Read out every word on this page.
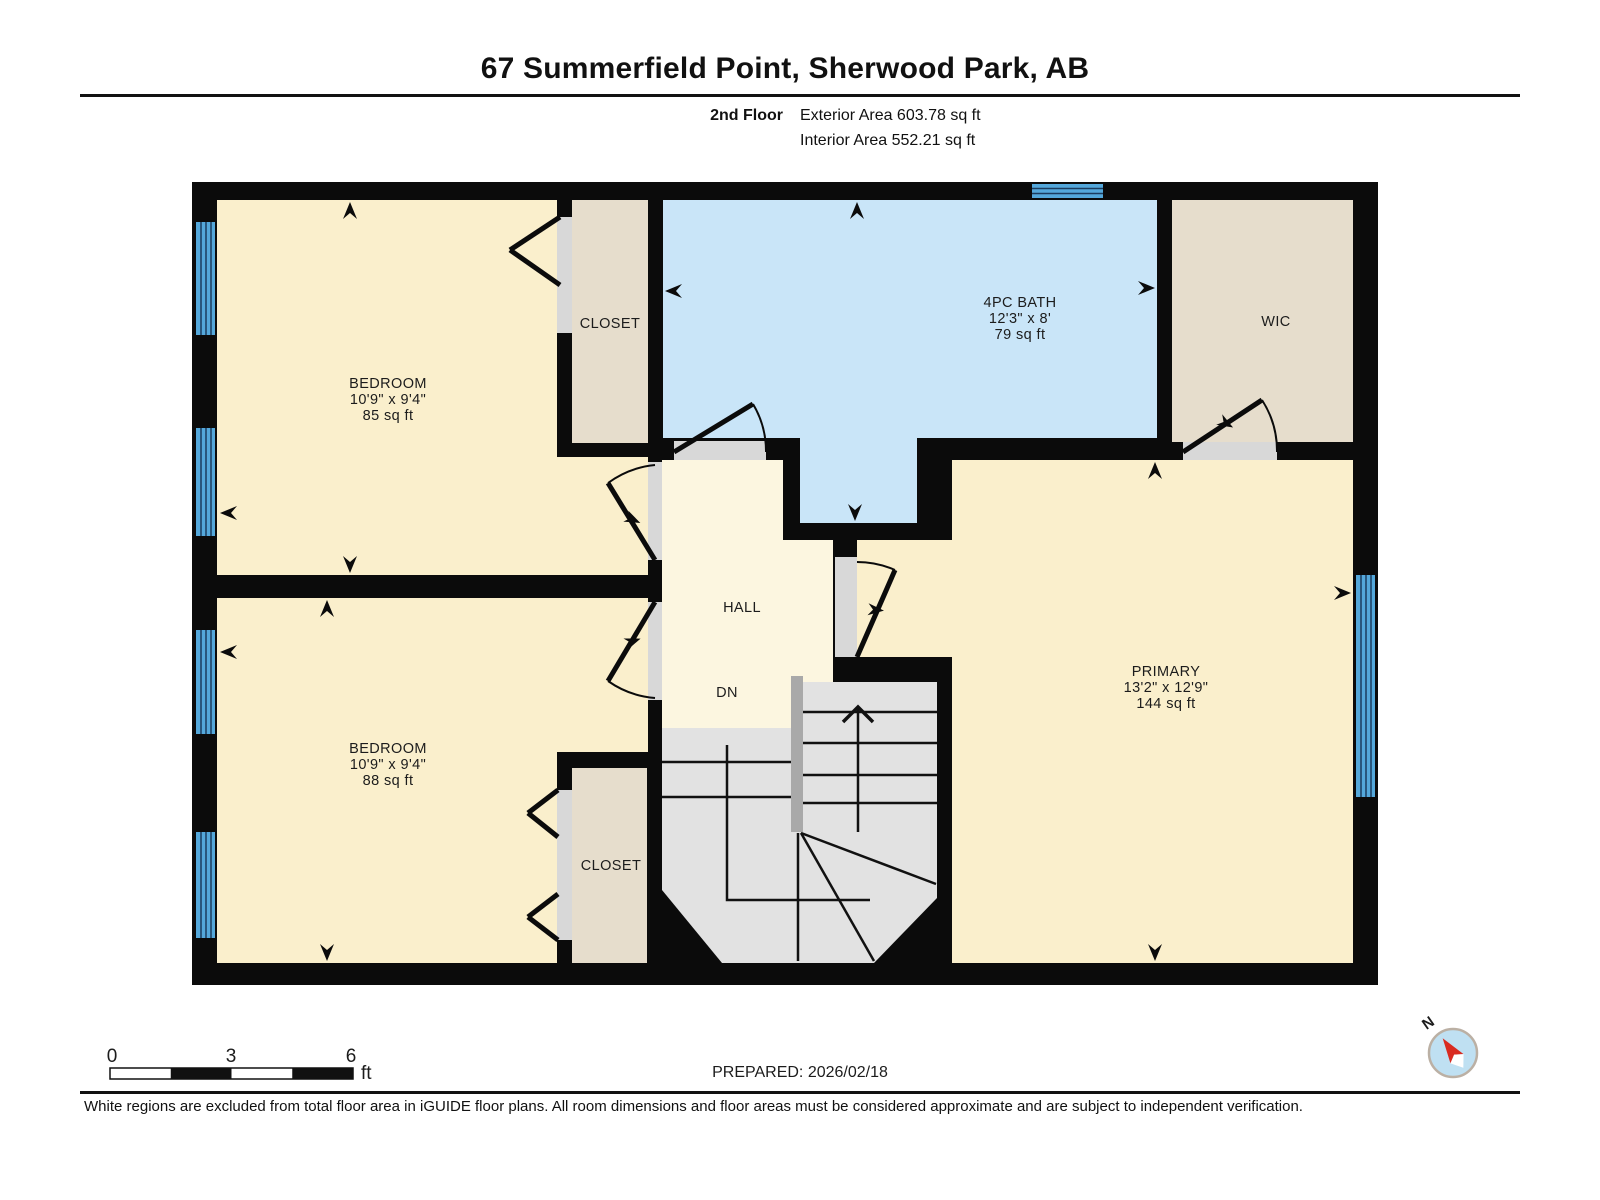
67 Summerfield Point, Sherwood Park, AB
2nd Floor Exterior Area 603.78 sq ft
Interior Area 552.21 sq ft
BEDROOM
10'9" x 9'4"
85 sq ft
CLOSET
4PC BATH
12'3" x 8'
79 sq ft
WIC
HALL
DN
PRIMARY
13'2" x 12'9"
144 sq ft
BEDROOM
10'9" x 9'4"
88 sq ft
CLOSET
0	3	6
ft	PREPARED: 2026/02/18
N
White regions are excluded from total floor area in iGUIDE floor plans. All room dimensions and floor areas must be considered approximate and are subject to independent verification.
